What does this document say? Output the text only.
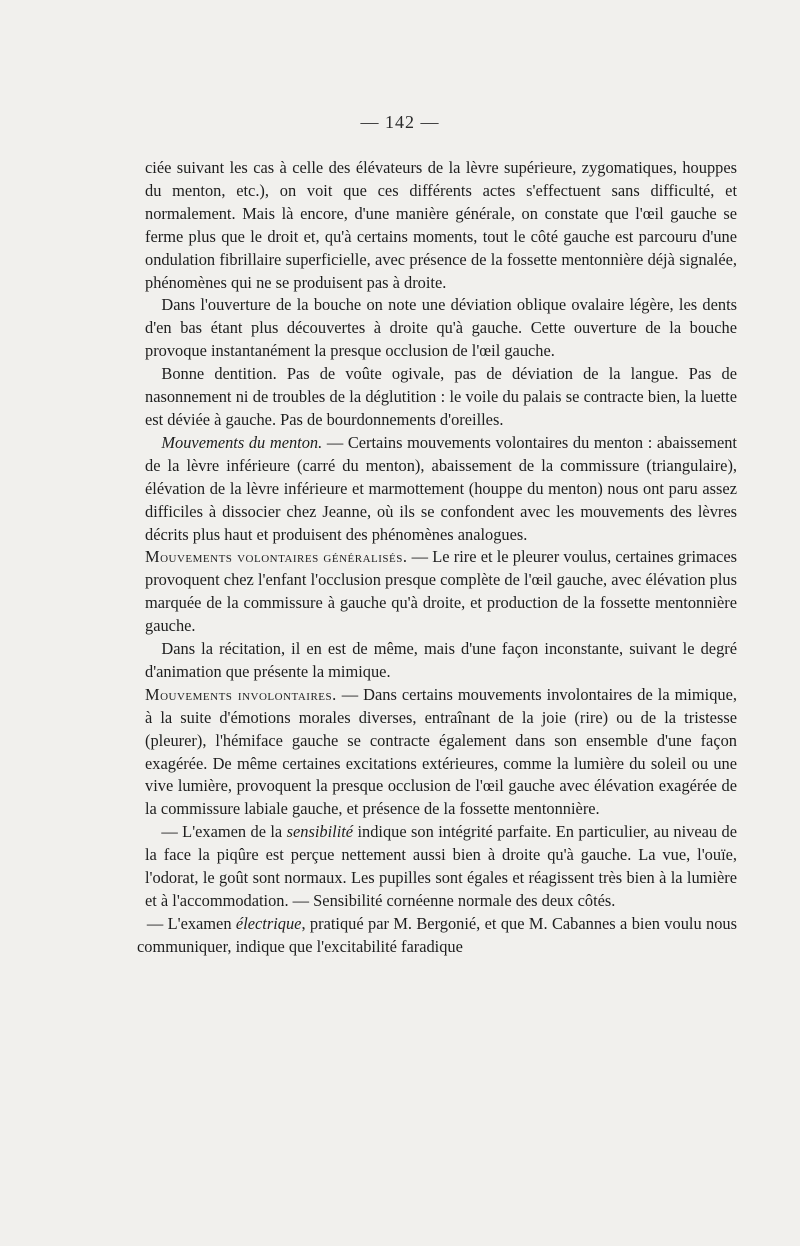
— 142 —

ciée suivant les cas à celle des élévateurs de la lèvre supérieure, zygomatiques, houppes du menton, etc.), on voit que ces différents actes s'effectuent sans difficulté, et normalement. Mais là encore, d'une manière générale, on constate que l'œil gauche se ferme plus que le droit et, qu'à certains moments, tout le côté gauche est parcouru d'une ondulation fibrillaire superficielle, avec présence de la fossette mentonnière déjà signalée, phénomènes qui ne se produisent pas à droite.

Dans l'ouverture de la bouche on note une déviation oblique ovalaire légère, les dents d'en bas étant plus découvertes à droite qu'à gauche. Cette ouverture de la bouche provoque instantanément la presque occlusion de l'œil gauche.

Bonne dentition. Pas de voûte ogivale, pas de déviation de la langue. Pas de nasonnement ni de troubles de la déglutition : le voile du palais se contracte bien, la luette est déviée à gauche. Pas de bourdonnements d'oreilles.

Mouvements du menton. — Certains mouvements volontaires du menton : abaissement de la lèvre inférieure (carré du menton), abaissement de la commissure (triangulaire), élévation de la lèvre inférieure et marmottement (houppe du menton) nous ont paru assez difficiles à dissocier chez Jeanne, où ils se confondent avec les mouvements des lèvres décrits plus haut et produisent des phénomènes analogues.

Mouvements volontaires généralisés. — Le rire et le pleurer voulus, certaines grimaces provoquent chez l'enfant l'occlusion presque complète de l'œil gauche, avec élévation plus marquée de la commissure à gauche qu'à droite, et production de la fossette mentonnière gauche.

Dans la récitation, il en est de même, mais d'une façon inconstante, suivant le degré d'animation que présente la mimique.

Mouvements involontaires. — Dans certains mouvements involontaires de la mimique, à la suite d'émotions morales diverses, entraînant de la joie (rire) ou de la tristesse (pleurer), l'hémiface gauche se contracte également dans son ensemble d'une façon exagérée. De même certaines excitations extérieures, comme la lumière du soleil ou une vive lumière, provoquent la presque occlusion de l'œil gauche avec élévation exagérée de la commissure labiale gauche, et présence de la fossette mentonnière.

— L'examen de la sensibilité indique son intégrité parfaite. En particulier, au niveau de la face la piqûre est perçue nettement aussi bien à droite qu'à gauche. La vue, l'ouïe, l'odorat, le goût sont normaux. Les pupilles sont égales et réagissent très bien à la lumière et à l'accommodation. — Sensibilité cornéenne normale des deux côtés.

— L'examen électrique, pratiqué par M. Bergonié, et que M. Cabannes a bien voulu nous communiquer, indique que l'excitabilité faradique
